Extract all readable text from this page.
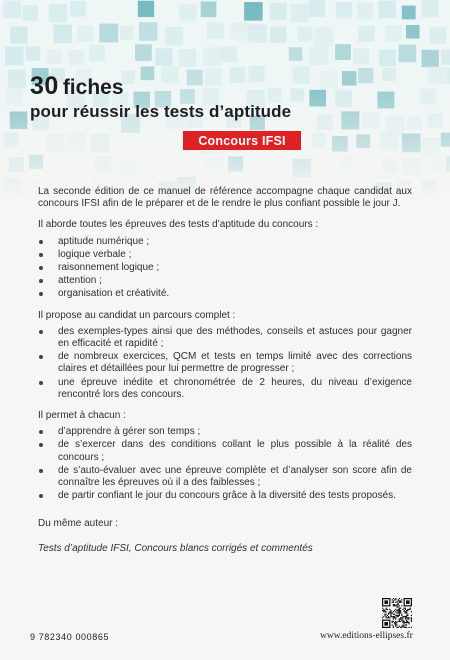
30 fiches
pour réussir les tests d’aptitude
Concours IFSI

La seconde édition de ce manuel de référence accompagne chaque candidat aux concours IFSI afin de le préparer et de le rendre le plus confiant possible le jour J.

Il aborde toutes les épreuves des tests d’aptitude du concours :

aptitude numérique ;
logique verbale ;
raisonnement logique ;
attention ;
organisation et créativité.

Il propose au candidat un parcours complet :

des exemples-types ainsi que des méthodes, conseils et astuces pour gagner en efficacité et rapidité ;
de nombreux exercices, QCM et tests en temps limité avec des corrections claires et détaillées pour lui permettre de progresser ;
une épreuve inédite et chronométrée de 2 heures, du niveau d’exigence rencontré lors des concours.

Il permet à chacun :

d’apprendre à gérer son temps ;
de s’exercer dans des conditions collant le plus possible à la réalité des concours ;
de s’auto-évaluer avec une épreuve complète et d’analyser son score afin de connaître les épreuves où il a des faiblesses ;
de partir confiant le jour du concours grâce à la diversité des tests proposés.

Du même auteur :

Tests d’aptitude IFSI, Concours blancs corrigés et commentés

www.editions-ellipses.fr
9 782340 000865
